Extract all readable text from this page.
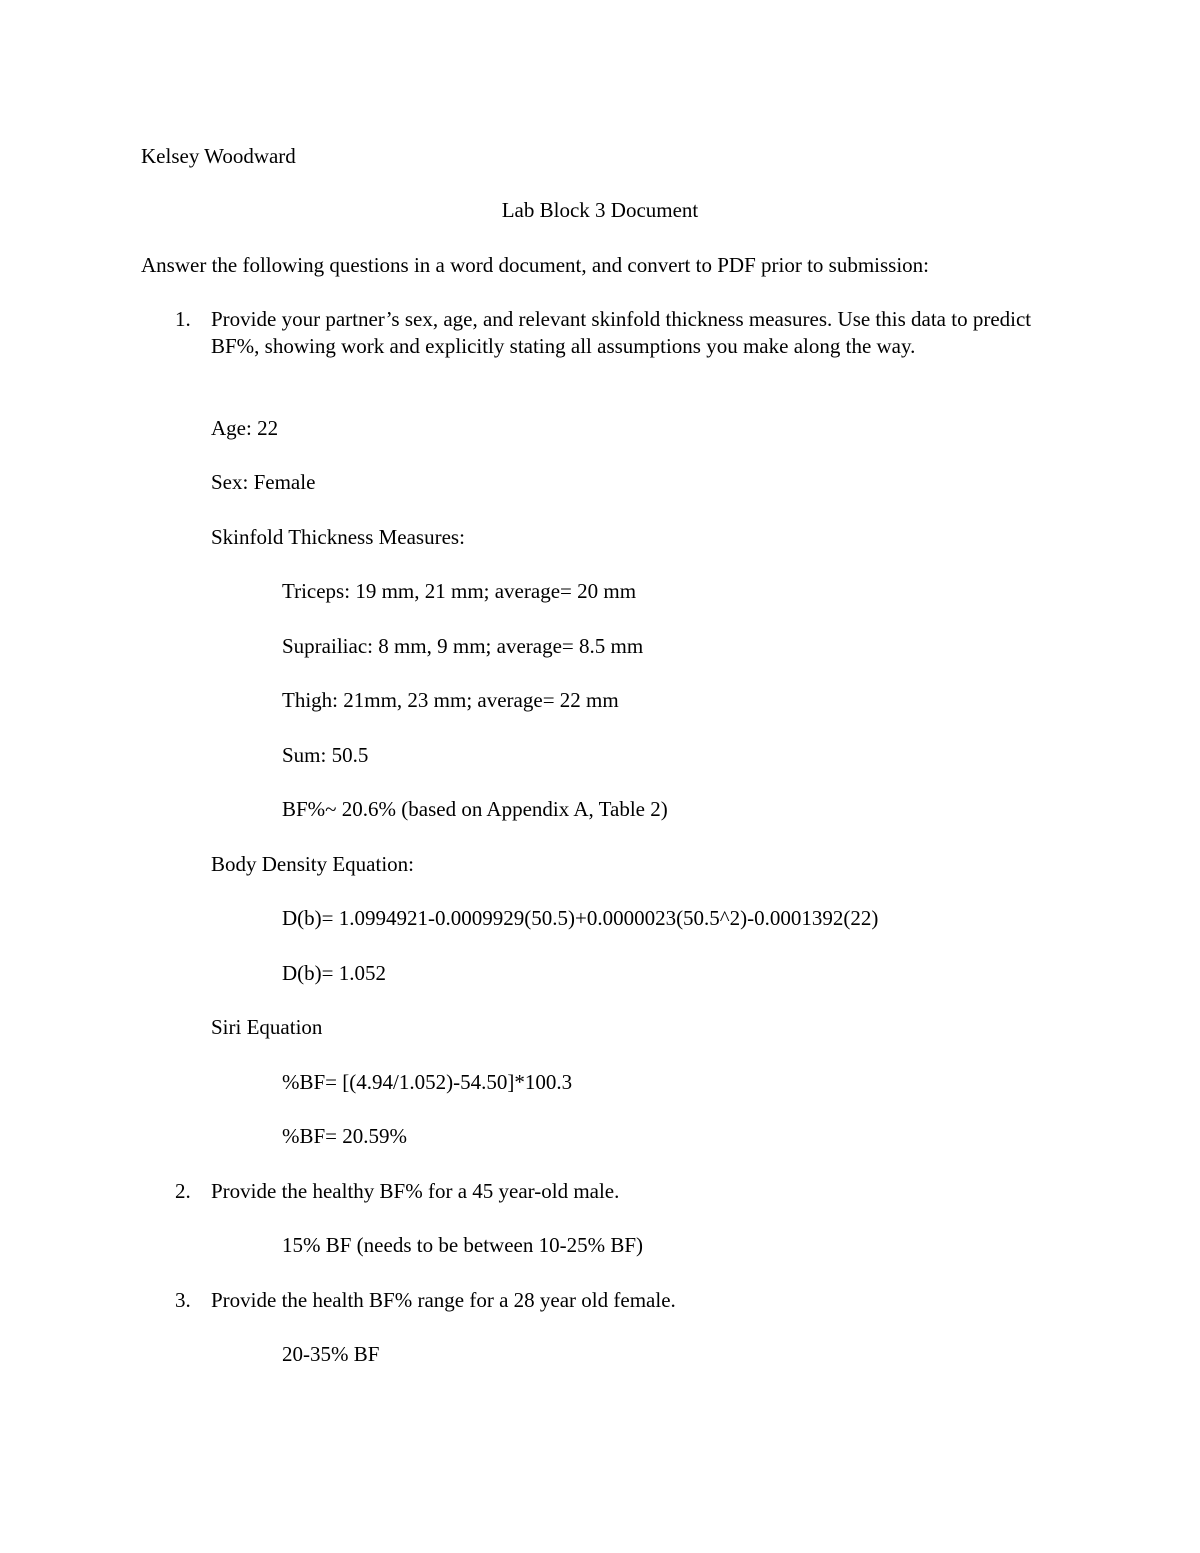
Kelsey Woodward

Lab Block 3 Document

Answer the following questions in a word document, and convert to PDF prior to submission:

1. Provide your partner’s sex, age, and relevant skinfold thickness measures. Use this data to predict BF%, showing work and explicitly stating all assumptions you make along the way.

Age: 22

Sex: Female

Skinfold Thickness Measures:

Triceps: 19 mm, 21 mm; average= 20 mm

Suprailiac: 8 mm, 9 mm; average= 8.5 mm

Thigh: 21mm, 23 mm; average= 22 mm

Sum: 50.5

BF%~ 20.6% (based on Appendix A, Table 2)

Body Density Equation:

D(b)= 1.0994921-0.0009929(50.5)+0.0000023(50.5^2)-0.0001392(22)

D(b)= 1.052

Siri Equation

%BF= [(4.94/1.052)-54.50]*100.3

%BF= 20.59%

2. Provide the healthy BF% for a 45 year-old male.

15% BF (needs to be between 10-25% BF)

3. Provide the health BF% range for a 28 year old female.

20-35% BF
